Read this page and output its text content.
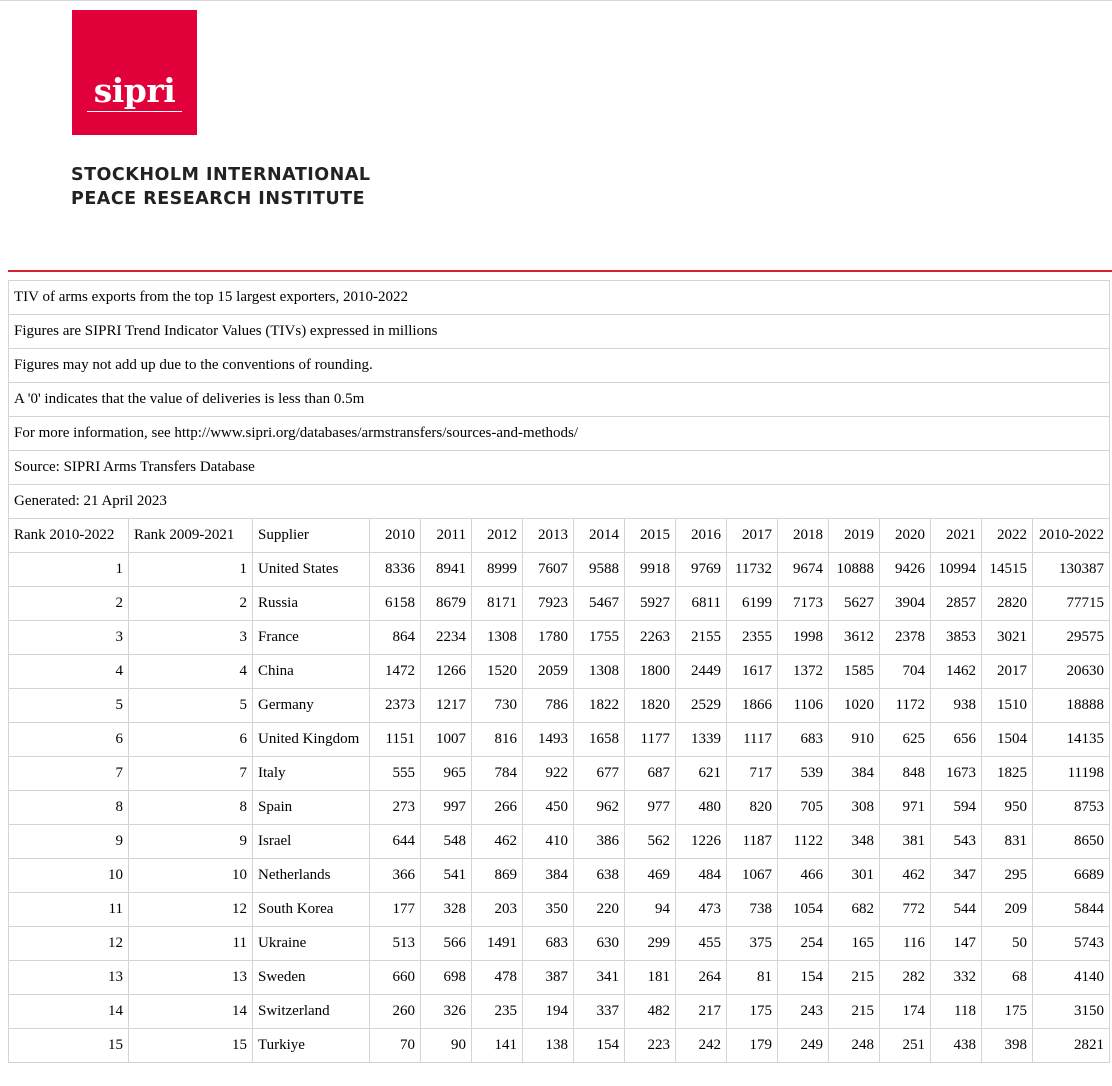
sipri
STOCKHOLM INTERNATIONAL
PEACE RESEARCH INSTITUTE
TIV of arms exports from the top 15 largest exporters, 2010-2022																
Figures are SIPRI Trend Indicator Values (TIVs) expressed in millions																
Figures may not add up due to the conventions of rounding.																
A '0' indicates that the value of deliveries is less than 0.5m																
For more information, see http://www.sipri.org/databases/armstransfers/sources-and-methods/																
Source: SIPRI Arms Transfers Database																
Generated: 21 April 2023																
Rank 2010-2022	Rank 2009-2021	Supplier	2010	2011	2012	2013	2014	2015	2016	2017	2018	2019	2020	2021	2022	2010-2022
1	1	United States	8336	8941	8999	7607	9588	9918	9769	11732	9674	10888	9426	10994	14515	130387
2	2	Russia	6158	8679	8171	7923	5467	5927	6811	6199	7173	5627	3904	2857	2820	77715
3	3	France	864	2234	1308	1780	1755	2263	2155	2355	1998	3612	2378	3853	3021	29575
4	4	China	1472	1266	1520	2059	1308	1800	2449	1617	1372	1585	704	1462	2017	20630
5	5	Germany	2373	1217	730	786	1822	1820	2529	1866	1106	1020	1172	938	1510	18888
6	6	United Kingdom	1151	1007	816	1493	1658	1177	1339	1117	683	910	625	656	1504	14135
7	7	Italy	555	965	784	922	677	687	621	717	539	384	848	1673	1825	11198
8	8	Spain	273	997	266	450	962	977	480	820	705	308	971	594	950	8753
9	9	Israel	644	548	462	410	386	562	1226	1187	1122	348	381	543	831	8650
10	10	Netherlands	366	541	869	384	638	469	484	1067	466	301	462	347	295	6689
11	12	South Korea	177	328	203	350	220	94	473	738	1054	682	772	544	209	5844
12	11	Ukraine	513	566	1491	683	630	299	455	375	254	165	116	147	50	5743
13	13	Sweden	660	698	478	387	341	181	264	81	154	215	282	332	68	4140
14	14	Switzerland	260	326	235	194	337	482	217	175	243	215	174	118	175	3150
15	15	Turkiye	70	90	141	138	154	223	242	179	249	248	251	438	398	2821
